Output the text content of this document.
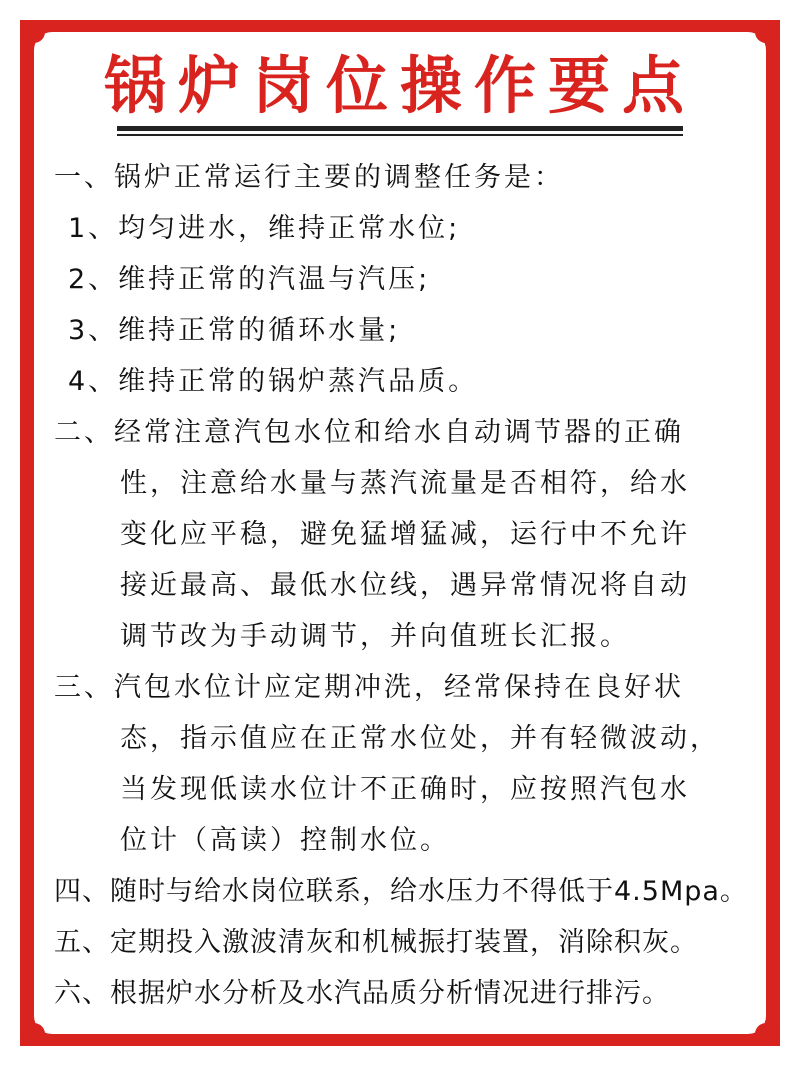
锅炉岗位操作要点
一、锅炉正常运行主要的调整任务是：
1、均匀进水，维持正常水位;
2、维持正常的汽温与汽压;
3、维持正常的循环水量;
4、维持正常的锅炉蒸汽品质。
二、经常注意汽包水位和给水自动调节器的正确
性，注意给水量与蒸汽流量是否相符，给水
变化应平稳，避免猛增猛减，运行中不允许
接近最高、最低水位线，遇异常情况将自动
调节改为手动调节，并向值班长汇报。
三、汽包水位计应定期冲洗，经常保持在良好状
态，指示值应在正常水位处，并有轻微波动，
当发现低读水位计不正确时，应按照汽包水
位计（高读）控制水位。
四、随时与给水岗位联系，给水压力不得低于4.5Mpa。
五、定期投入激波清灰和机械振打装置，消除积灰。
六、根据炉水分析及水汽品质分析情况进行排污。
